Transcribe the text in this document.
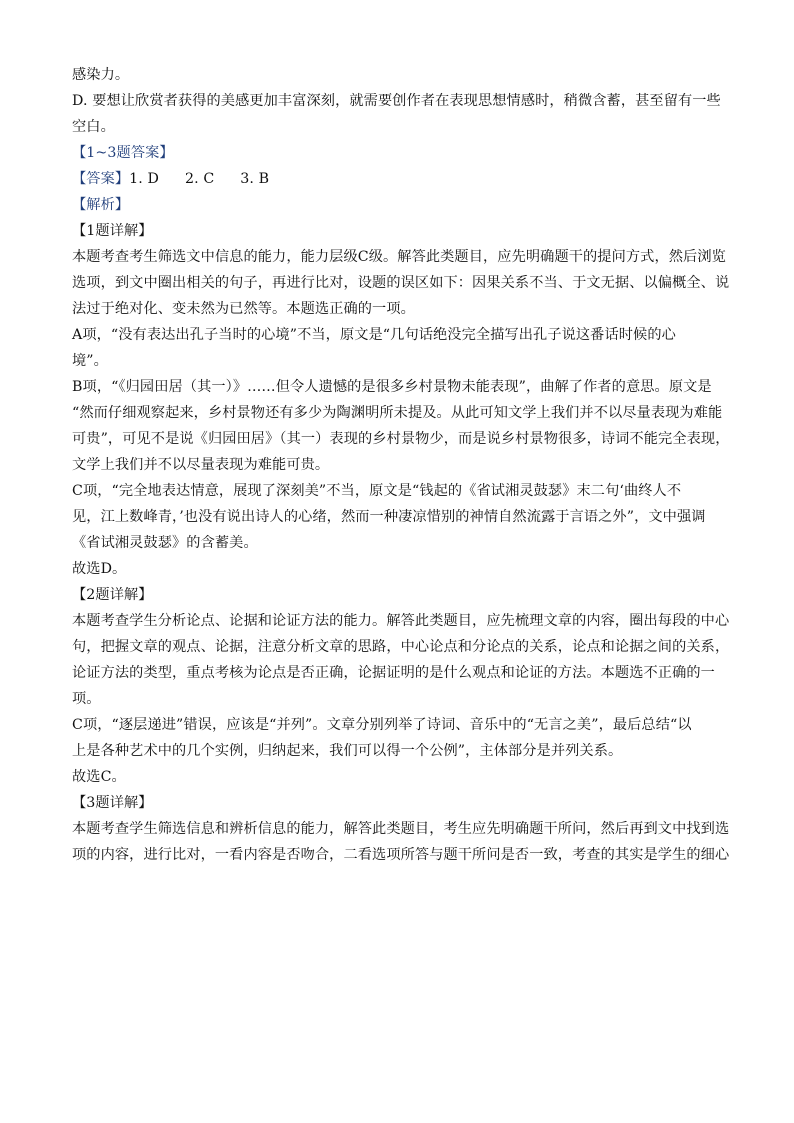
感染力。
D. 要想让欣赏者获得的美感更加丰富深刻，就需要创作者在表现思想情感时，稍微含蓄，甚至留有一些
空白。
【1~3题答案】
【答案】1. D 2. C 3. B
【解析】
【1题详解】
本题考查考生筛选文中信息的能力，能力层级C级。解答此类题目，应先明确题干的提问方式，然后浏览
选项，到文中圈出相关的句子，再进行比对，设题的误区如下：因果关系不当、于文无据、以偏概全、说
法过于绝对化、变未然为已然等。本题选正确的一项。
A项，“没有表达出孔子当时的心境”不当，原文是“几句话绝没完全描写出孔子说这番话时候的心
境”。
B项，“《归园田居（其一）》……但令人遗憾的是很多乡村景物未能表现”，曲解了作者的意思。原文是
“然而仔细观察起来，乡村景物还有多少为陶渊明所未提及。从此可知文学上我们并不以尽量表现为难能
可贵”，可见不是说《归园田居》（其一）表现的乡村景物少，而是说乡村景物很多，诗词不能完全表现，
文学上我们并不以尽量表现为难能可贵。
C项，“完全地表达情意，展现了深刻美”不当，原文是“钱起的《省试湘灵鼓瑟》末二句‘曲终人不
见，江上数峰青，’也没有说出诗人的心绪，然而一种凄凉惜别的神情自然流露于言语之外”，文中强调
《省试湘灵鼓瑟》的含蓄美。
故选D。
【2题详解】
本题考查学生分析论点、论据和论证方法的能力。解答此类题目，应先梳理文章的内容，圈出每段的中心
句，把握文章的观点、论据，注意分析文章的思路，中心论点和分论点的关系，论点和论据之间的关系，
论证方法的类型，重点考核为论点是否正确，论据证明的是什么观点和论证的方法。本题选不正确的一
项。
C项，“逐层递进”错误，应该是“并列”。文章分别列举了诗词、音乐中的“无言之美”，最后总结“以
上是各种艺术中的几个实例，归纳起来，我们可以得一个公例”，主体部分是并列关系。
故选C。
【3题详解】
本题考查学生筛选信息和辨析信息的能力，解答此类题目，考生应先明确题干所问，然后再到文中找到选
项的内容，进行比对，一看内容是否吻合，二看选项所答与题干所问是否一致，考查的其实是学生的细心
